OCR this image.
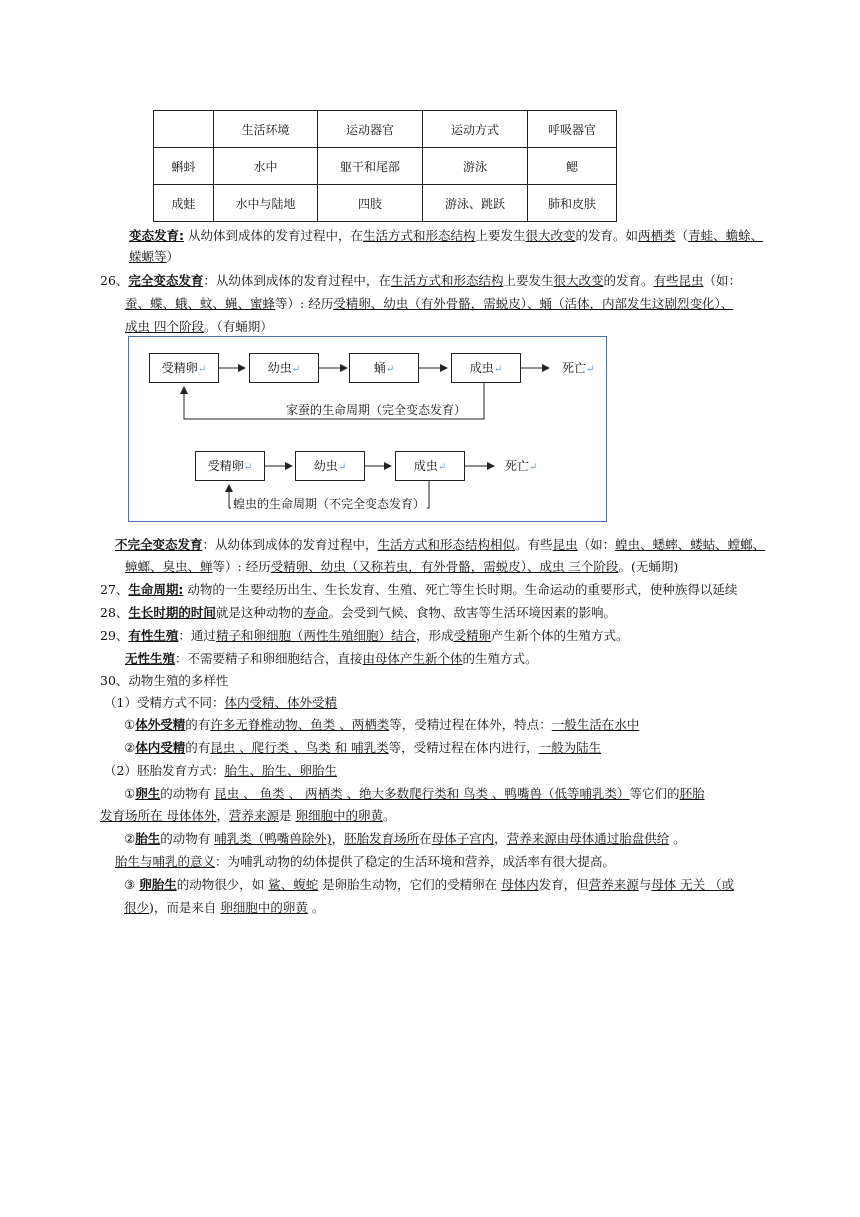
	生活环境	运动器官	运动方式	呼吸器官
蝌蚪	水中	躯干和尾部	游泳	鳃
成蛙	水中与陆地	四肢	游泳、跳跃	肺和皮肤
变态发育: 从幼体到成体的发育过程中，在生活方式和形态结构上要发生很大改变的发育。如两栖类（青蛙、蟾蜍、
蝾螈等）
26、完全变态发育：从幼体到成体的发育过程中，在生活方式和形态结构上要发生很大改变的发育。有些昆虫（如：
蚕、蝶、蛾、蚊、蝇、蜜蜂等）: 经历受精卵、幼虫（有外骨骼，需蜕皮）、蛹（活体，内部发生这剧烈变化）、
成虫 四个阶段。（有蛹期）
受精卵↵	幼虫↵	蛹↵	成虫↵	死亡↵
家蚕的生命周期（完全变态发育）
受精卵↵	幼虫↵	成虫↵	死亡↵
蝗虫的生命周期（不完全变态发育）
不完全变态发育：从幼体到成体的发育过程中，生活方式和形态结构相似。有些昆虫（如：蝗虫、蟋蟀、蝼蛄、螳螂、
蟑螂、臭虫、蝉等）: 经历受精卵、幼虫（又称若虫，有外骨骼，需蜕皮）、成虫 三个阶段。(无蛹期)
27、生命周期: 动物的一生要经历出生、生长发育、生殖、死亡等生长时期。生命运动的重要形式，使种族得以延续
28、生长时期的时间就是这种动物的寿命。会受到气候、食物、敌害等生活环境因素的影响。
29、有性生殖：通过精子和卵细胞（两性生殖细胞）结合，形成受精卵产生新个体的生殖方式。
无性生殖：不需要精子和卵细胞结合，直接由母体产生新个体的生殖方式。
30、动物生殖的多样性
（1）受精方式不同：体内受精、体外受精
①体外受精的有许多无脊椎动物、鱼类 、两栖类等，受精过程在体外，特点：一般生活在水中
②体内受精的有昆虫 、爬行类 、鸟类 和 哺乳类等，受精过程在体内进行，一般为陆生
（2）胚胎发育方式：胎生、胎生、卵胎生
①卵生的动物有 昆虫 、 鱼类 、 两栖类 、绝大多数爬行类和 鸟类 、鸭嘴兽（低等哺乳类）等它们的胚胎
发育场所在 母体体外，营养来源是 卵细胞中的卵黄。
②胎生的动物有 哺乳类（鸭嘴兽除外)，胚胎发育场所在母体子宫内，营养来源由母体通过胎盘供给 。
胎生与哺乳的意义：为哺乳动物的幼体提供了稳定的生活环境和营养，成活率有很大提高。
③ 卵胎生的动物很少，如 鲨、蝮蛇 是卵胎生动物，它们的受精卵在 母体内发育，但营养来源与母体 无关 （或
很少)，而是来自 卵细胞中的卵黄 。
